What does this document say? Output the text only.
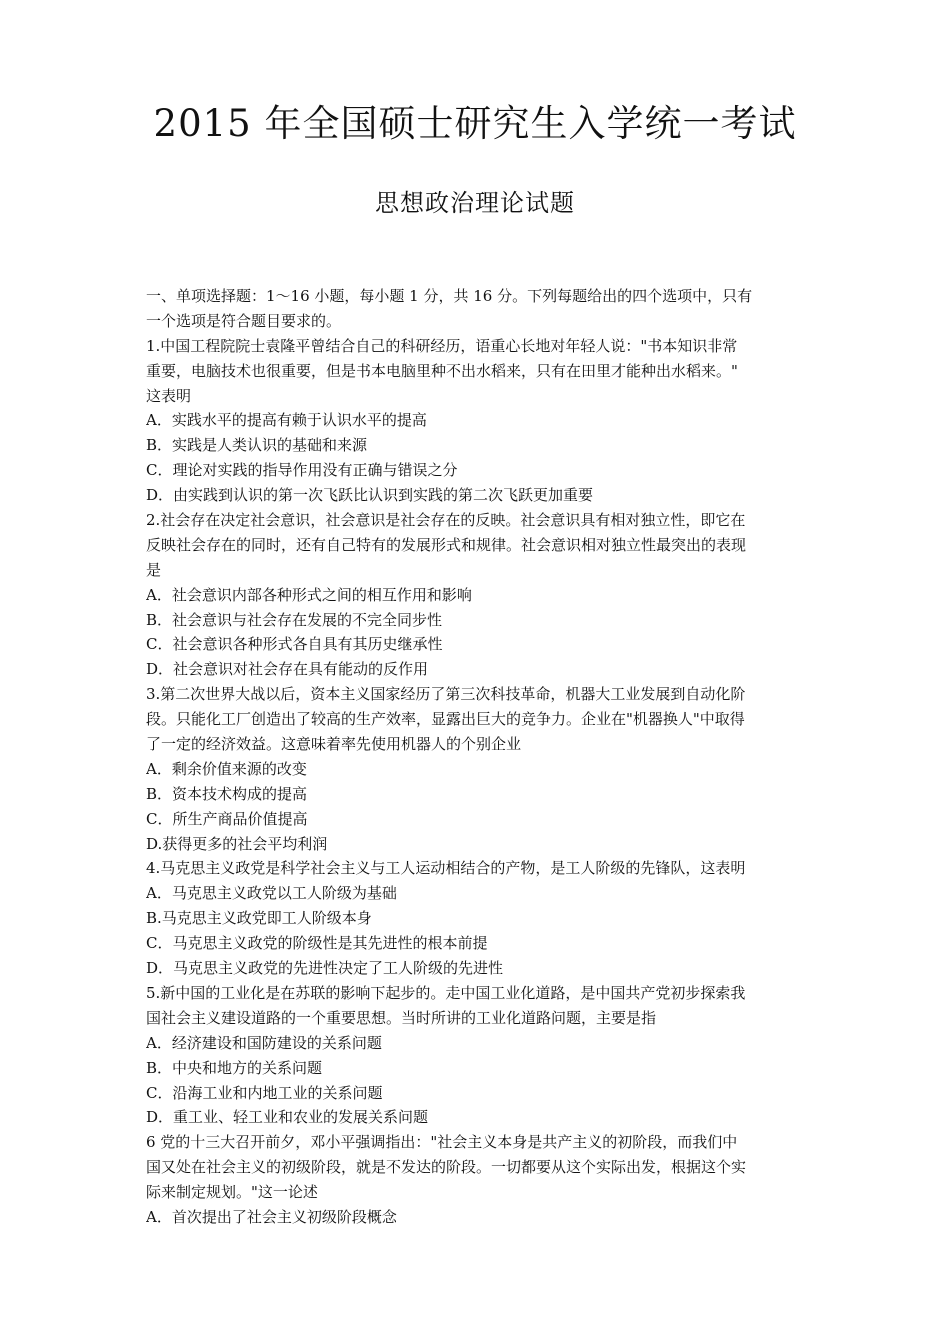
2015 年全国硕士研究生入学统一考试
思想政治理论试题
一、单项选择题：1～16 小题，每小题 1 分，共 16 分。下列每题给出的四个选项中，只有
一个选项是符合题目要求的。
1.中国工程院院士袁隆平曾结合自己的科研经历，语重心长地对年轻人说："书本知识非常
重要，电脑技术也很重要，但是书本电脑里种不出水稻来，只有在田里才能种出水稻来。"
这表明
A．实践水平的提高有赖于认识水平的提高
B．实践是人类认识的基础和来源
C．理论对实践的指导作用没有正确与错误之分
D．由实践到认识的第一次飞跃比认识到实践的第二次飞跃更加重要
2.社会存在决定社会意识，社会意识是社会存在的反映。社会意识具有相对独立性，即它在
反映社会存在的同时，还有自己特有的发展形式和规律。社会意识相对独立性最突出的表现
是
A．社会意识内部各种形式之间的相互作用和影响
B．社会意识与社会存在发展的不完全同步性
C．社会意识各种形式各自具有其历史继承性
D．社会意识对社会存在具有能动的反作用
3.第二次世界大战以后，资本主义国家经历了第三次科技革命，机器大工业发展到自动化阶
段。只能化工厂创造出了较高的生产效率，显露出巨大的竞争力。企业在"机器换人"中取得
了一定的经济效益。这意味着率先使用机器人的个别企业
A．剩余价值来源的改变
B．资本技术构成的提高
C．所生产商品价值提高
D.获得更多的社会平均利润
4.马克思主义政党是科学社会主义与工人运动相结合的产物，是工人阶级的先锋队，这表明
A．马克思主义政党以工人阶级为基础
B.马克思主义政党即工人阶级本身
C．马克思主义政党的阶级性是其先进性的根本前提
D．马克思主义政党的先进性决定了工人阶级的先进性
5.新中国的工业化是在苏联的影响下起步的。走中国工业化道路，是中国共产党初步探索我
国社会主义建设道路的一个重要思想。当时所讲的工业化道路问题，主要是指
A．经济建设和国防建设的关系问题
B．中央和地方的关系问题
C．沿海工业和内地工业的关系问题
D．重工业、轻工业和农业的发展关系问题
6 党的十三大召开前夕，邓小平强调指出："社会主义本身是共产主义的初阶段，而我们中
国又处在社会主义的初级阶段，就是不发达的阶段。一切都要从这个实际出发，根据这个实
际来制定规划。"这一论述
A．首次提出了社会主义初级阶段概念
